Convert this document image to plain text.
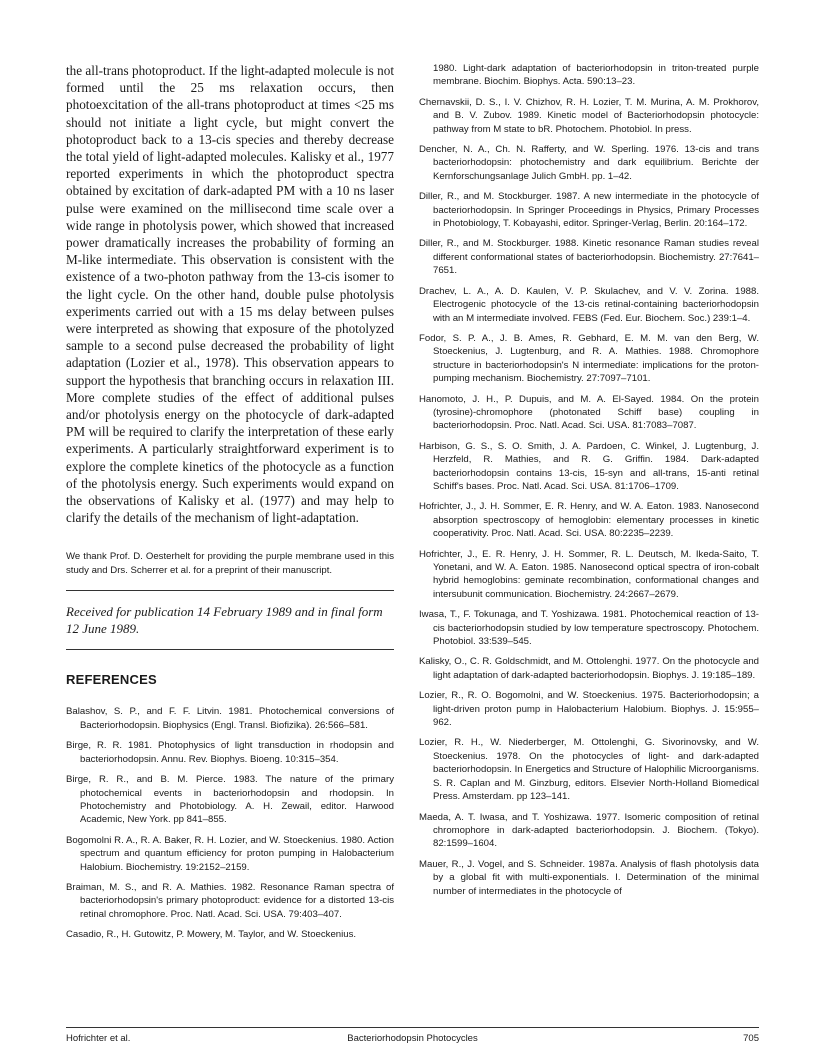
the all-trans photoproduct. If the light-adapted molecule is not formed until the 25 ms relaxation occurs, then photoexcitation of the all-trans photoproduct at times <25 ms should not initiate a light cycle, but might convert the photoproduct back to a 13-cis species and thereby decrease the total yield of light-adapted molecules. Kalisky et al., 1977 reported experiments in which the photoproduct spectra obtained by excitation of dark-adapted PM with a 10 ns laser pulse were examined on the millisecond time scale over a wide range in photolysis power, which showed that increased power dramatically increases the probability of forming an M-like intermediate. This observation is consistent with the existence of a two-photon pathway from the 13-cis isomer to the light cycle. On the other hand, double pulse photolysis experiments carried out with a 15 ms delay between pulses were interpreted as showing that exposure of the photolyzed sample to a second pulse decreased the probability of light adaptation (Lozier et al., 1978). This observation appears to support the hypothesis that branching occurs in relaxation III. More complete studies of the effect of additional pulses and/or photolysis energy on the photocycle of dark-adapted PM will be required to clarify the interpretation of these early experiments. A particularly straightforward experiment is to explore the complete kinetics of the photocycle as a function of the photolysis energy. Such experiments would expand on the observations of Kalisky et al. (1977) and may help to clarify the details of the mechanism of light-adaptation.

We thank Prof. D. Oesterhelt for providing the purple membrane used in this study and Drs. Scherrer et al. for a preprint of their manuscript.

Received for publication 14 February 1989 and in final form 12 June 1989.

REFERENCES

Balashov, S. P., and F. F. Litvin. 1981. Photochemical conversions of Bacteriorhodopsin. Biophysics (Engl. Transl. Biofizika). 26:566–581.

Birge, R. R. 1981. Photophysics of light transduction in rhodopsin and bacteriorhodopsin. Annu. Rev. Biophys. Bioeng. 10:315–354.

Birge, R. R., and B. M. Pierce. 1983. The nature of the primary photochemical events in bacteriorhodopsin and rhodopsin. In Photochemistry and Photobiology. A. H. Zewail, editor. Harwood Academic, New York. pp 841–855.

Bogomolni R. A., R. A. Baker, R. H. Lozier, and W. Stoeckenius. 1980. Action spectrum and quantum efficiency for proton pumping in Halobacterium Halobium. Biochemistry. 19:2152–2159.

Braiman, M. S., and R. A. Mathies. 1982. Resonance Raman spectra of bacteriorhodopsin's primary photoproduct: evidence for a distorted 13-cis retinal chromophore. Proc. Natl. Acad. Sci. USA. 79:403–407.

Casadio, R., H. Gutowitz, P. Mowery, M. Taylor, and W. Stoeckenius.

1980. Light-dark adaptation of bacteriorhodopsin in triton-treated purple membrane. Biochim. Biophys. Acta. 590:13–23.

Chernavskii, D. S., I. V. Chizhov, R. H. Lozier, T. M. Murina, A. M. Prokhorov, and B. V. Zubov. 1989. Kinetic model of Bacteriorhodopsin photocycle: pathway from M state to bR. Photochem. Photobiol. In press.

Dencher, N. A., Ch. N. Rafferty, and W. Sperling. 1976. 13-cis and trans bacteriorhodopsin: photochemistry and dark equilibrium. Berichte der Kernforschungsanlage Julich GmbH. pp. 1–42.

Diller, R., and M. Stockburger. 1987. A new intermediate in the photocycle of bacteriorhodopsin. In Springer Proceedings in Physics, Primary Processes in Photobiology, T. Kobayashi, editor. Springer-Verlag, Berlin. 20:164–172.

Diller, R., and M. Stockburger. 1988. Kinetic resonance Raman studies reveal different conformational states of bacteriorhodopsin. Biochemistry. 27:7641–7651.

Drachev, L. A., A. D. Kaulen, V. P. Skulachev, and V. V. Zorina. 1988. Electrogenic photocycle of the 13-cis retinal-containing bacteriorhodopsin with an M intermediate involved. FEBS (Fed. Eur. Biochem. Soc.) 239:1–4.

Fodor, S. P. A., J. B. Ames, R. Gebhard, E. M. M. van den Berg, W. Stoeckenius, J. Lugtenburg, and R. A. Mathies. 1988. Chromophore structure in bacteriorhodopsin's N intermediate: implications for the proton-pumping mechanism. Biochemistry. 27:7097–7101.

Hanomoto, J. H., P. Dupuis, and M. A. El-Sayed. 1984. On the protein (tyrosine)-chromophore (photonated Schiff base) coupling in bacteriorhodopsin. Proc. Natl. Acad. Sci. USA. 81:7083–7087.

Harbison, G. S., S. O. Smith, J. A. Pardoen, C. Winkel, J. Lugtenburg, J. Herzfeld, R. Mathies, and R. G. Griffin. 1984. Dark-adapted bacteriorhodopsin contains 13-cis, 15-syn and all-trans, 15-anti retinal Schiff's bases. Proc. Natl. Acad. Sci. USA. 81:1706–1709.

Hofrichter, J., J. H. Sommer, E. R. Henry, and W. A. Eaton. 1983. Nanosecond absorption spectroscopy of hemoglobin: elementary processes in kinetic cooperativity. Proc. Natl. Acad. Sci. USA. 80:2235–2239.

Hofrichter, J., E. R. Henry, J. H. Sommer, R. L. Deutsch, M. Ikeda-Saito, T. Yonetani, and W. A. Eaton. 1985. Nanosecond optical spectra of iron-cobalt hybrid hemoglobins: geminate recombination, conformational changes and intersubunit communication. Biochemistry. 24:2667–2679.

Iwasa, T., F. Tokunaga, and T. Yoshizawa. 1981. Photochemical reaction of 13-cis bacteriorhodopsin studied by low temperature spectroscopy. Photochem. Photobiol. 33:539–545.

Kalisky, O., C. R. Goldschmidt, and M. Ottolenghi. 1977. On the photocycle and light adaptation of dark-adapted bacteriorhodopsin. Biophys. J. 19:185–189.

Lozier, R., R. O. Bogomolni, and W. Stoeckenius. 1975. Bacteriorhodopsin; a light-driven proton pump in Halobacterium Halobium. Biophys. J. 15:955–962.

Lozier, R. H., W. Niederberger, M. Ottolenghi, G. Sivorinovsky, and W. Stoeckenius. 1978. On the photocycles of light- and dark-adapted bacteriorhodopsin. In Energetics and Structure of Halophilic Microorganisms. S. R. Caplan and M. Ginzburg, editors. Elsevier North-Holland Biomedical Press. Amsterdam. pp 123–141.

Maeda, A. T. Iwasa, and T. Yoshizawa. 1977. Isomeric composition of retinal chromophore in dark-adapted bacteriorhodopsin. J. Biochem. (Tokyo). 82:1599–1604.

Mauer, R., J. Vogel, and S. Schneider. 1987a. Analysis of flash photolysis data by a global fit with multi-exponentials. I. Determination of the minimal number of intermediates in the photocycle of

Hofrichter et al.	Bacteriorhodopsin Photocycles	705
